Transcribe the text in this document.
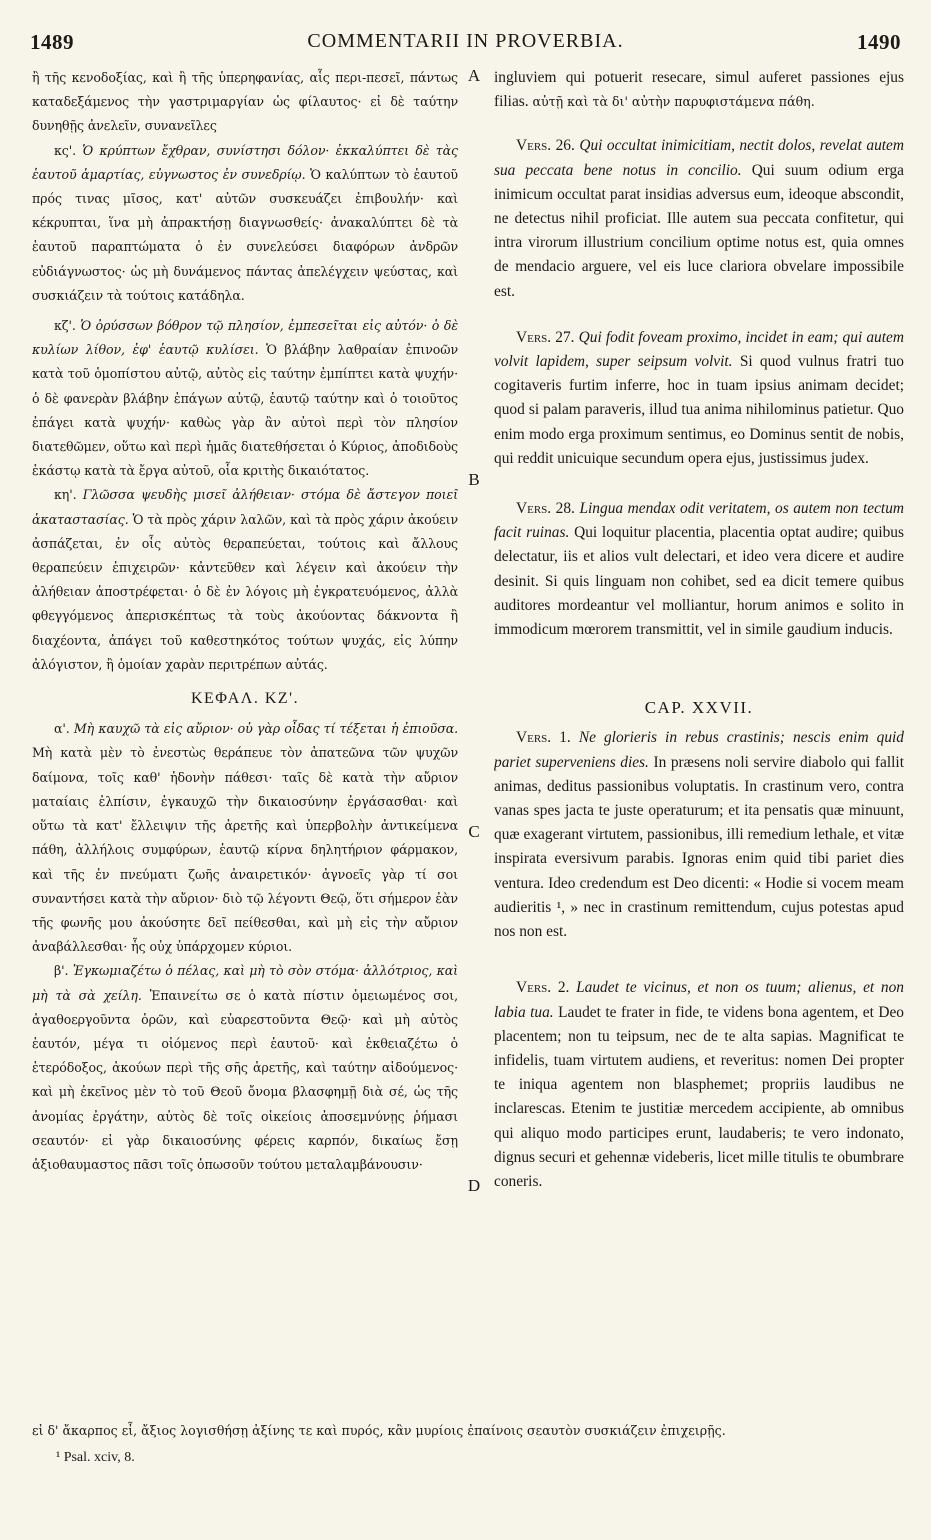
1489	COMMENTARII IN PROVERBIA.	1490

ἢ τῆς κενοδοξίας, καὶ ἢ τῆς ὑπερηφανίας, αἷς περι-πεσεῖ, πάντως καταδεξάμενος τὴν γαστριμαργίαν ὡς φίλαυτος· εἰ δὲ ταύτην δυνηθῇς ἀνελεῖν, συνανεῖλες

κς'. Ὁ κρύπτων ἔχθραν, συνίστησι δόλον· ἐκκαλύπτει δὲ τὰς ἑαυτοῦ ἁμαρτίας, εὐγνωστος ἐν συνεδρίῳ. Ὁ καλύπτων τὸ ἑαυτοῦ πρός τινας μῖσος, κατ' αὐτῶν συσκευάζει ἐπιβουλήν· καὶ κέκρυπται, ἵνα μὴ ἀπρακτήσῃ διαγνωσθείς· ἀνακαλύπτει δὲ τὰ ἑαυτοῦ παραπτώματα ὁ ἐν συνελεύσει διαφόρων ἀνδρῶν εὐδιάγνωστος· ὡς μὴ δυνάμενος πάντας ἀπελέγχειν ψεύστας, καὶ συσκιάζειν τὰ τούτοις κατάδηλα.

κζ'. Ὁ ὀρύσσων βόθρον τῷ πλησίον, ἐμπεσεῖται εἰς αὐτόν· ὁ δὲ κυλίων λίθον, ἐφ' ἑαυτῷ κυλίσει. Ὁ βλάβην λαθραίαν ἐπινοῶν κατὰ τοῦ ὁμοπίστου αὐτῷ, αὐτὸς εἰς ταύτην ἐμπίπτει κατὰ ψυχήν· ὁ δὲ φανερὰν βλάβην ἐπάγων αὐτῷ, ἑαυτῷ ταύτην καὶ ὁ τοιοῦτος ἐπάγει κατὰ ψυχήν· καθὼς γὰρ ἂν αὐτοὶ περὶ τὸν πλησίον διατεθῶμεν, οὕτω καὶ περὶ ἡμᾶς διατεθήσεται ὁ Κύριος, ἀποδιδοὺς ἑκάστῳ κατὰ τὰ ἔργα αὐτοῦ, οἷα κριτὴς δικαιότατος.

κη'. Γλῶσσα ψευδὴς μισεῖ ἀλήθειαν· στόμα δὲ ἄστεγον ποιεῖ ἀκαταστασίας. Ὁ τὰ πρὸς χάριν λαλῶν, καὶ τὰ πρὸς χάριν ἀκούειν ἀσπάζεται, ἐν οἷς αὐτὸς θεραπεύεται, τούτοις καὶ ἄλλους θεραπεύειν ἐπιχειρῶν· κἀντεῦθεν καὶ λέγειν καὶ ἀκούειν τὴν ἀλήθειαν ἀποστρέφεται· ὁ δὲ ἐν λόγοις μὴ ἐγκρατευόμενος, ἀλλὰ φθεγγόμενος ἀπερισκέπτως τὰ τοὺς ἀκούοντας δάκνοντα ἢ διαχέοντα, ἀπάγει τοῦ καθεστηκότος τούτων ψυχάς, εἰς λύπην ἀλόγιστον, ἢ ὁμοίαν χαρὰν περιτρέπων αὐτάς.

ΚΕΦΑΛ. ΚΖ'.

α'. Μὴ καυχῶ τὰ εἰς αὔριον· οὐ γὰρ οἶδας τί τέξεται ἡ ἐπιοῦσα. Μὴ κατὰ μὲν τὸ ἐνεστὼς θεράπευε τὸν ἀπατεῶνα τῶν ψυχῶν δαίμονα, τοῖς καθ' ἡδονὴν πάθεσι· ταῖς δὲ κατὰ τὴν αὔριον ματαίαις ἐλπίσιν, ἐγκαυχῶ τὴν δικαιοσύνην ἐργάσασθαι· καὶ οὕτω τὰ κατ' ἔλλειψιν τῆς ἀρετῆς καὶ ὑπερβολὴν ἀντικείμενα πάθη, ἀλλήλοις συμφύρων, ἑαυτῷ κίρνα δηλητήριον φάρμακον, καὶ τῆς ἐν πνεύματι ζωῆς ἀναιρετικόν· ἀγνοεῖς γὰρ τί σοι συναντήσει κατὰ τὴν αὔριον· διὸ τῷ λέγοντι Θεῷ, ὅτι σήμερον ἐὰν τῆς φωνῆς μου ἀκούσητε δεῖ πείθεσθαι, καὶ μὴ εἰς τὴν αὔριον ἀναβάλλεσθαι· ἧς οὐχ ὑπάρχομεν κύριοι.

β'. Ἐγκωμιαζέτω ὁ πέλας, καὶ μὴ τὸ σὸν στόμα· ἀλλότριος, καὶ μὴ τὰ σὰ χείλη. Ἐπαινείτω σε ὁ κατὰ πίστιν ὁμειωμένος σοι, ἀγαθοεργοῦντα ὁρῶν, καὶ εὐαρεστοῦντα Θεῷ· καὶ μὴ αὐτὸς ἑαυτόν, μέγα τι οἰόμενος περὶ ἑαυτοῦ· καὶ ἐκθειαζέτω ὁ ἑτερόδοξος, ἀκούων περὶ τῆς σῆς ἀρετῆς, καὶ ταύτην αἰδούμενος· καὶ μὴ ἐκεῖνος μὲν τὸ τοῦ Θεοῦ ὄνομα βλασφημῇ διὰ σέ, ὡς τῆς ἀνομίας ἐργάτην, αὐτὸς δὲ τοῖς οἰκείοις ἀποσεμνύνῃς ῥήμασι σεαυτόν· εἰ γὰρ δικαιοσύνης φέρεις καρπόν, δικαίως ἔσῃ ἀξιοθαυμαστος πᾶσι τοῖς ὁπωσοῦν τούτου μεταλαμβάνουσιν·

A
B
C
D

ingluviem qui potuerit resecare, simul auferet passiones ejus filias. αὐτῇ καὶ τὰ δι' αὐτὴν παρυφιστάμενα πάθη.

Vers. 26. Qui occultat inimicitiam, nectit dolos, revelat autem sua peccata bene notus in concilio. Qui suum odium erga inimicum occultat parat insidias adversus eum, ideoque abscondit, ne detectus nihil proficiat. Ille autem sua peccata confitetur, qui intra virorum illustrium concilium optime notus est, quia omnes de mendacio arguere, vel eis luce clariora obvelare impossibile est.

Vers. 27. Qui fodit foveam proximo, incidet in eam; qui autem volvit lapidem, super seipsum volvit. Si quod vulnus fratri tuo cogitaveris furtim inferre, hoc in tuam ipsius animam decidet; quod si palam paraveris, illud tua anima nihilominus patietur. Quo enim modo erga proximum sentimus, eo Dominus sentit de nobis, qui reddit unicuique secundum opera ejus, justissimus judex.

Vers. 28. Lingua mendax odit veritatem, os autem non tectum facit ruinas. Qui loquitur placentia, placentia optat audire; quibus delectatur, iis et alios vult delectari, et ideo vera dicere et audire desinit. Si quis linguam non cohibet, sed ea dicit temere quibus auditores mordeantur vel molliantur, horum animos e solito in immodicum mœrorem transmittit, vel in simile gaudium inducis.

CAP. XXVII.

Vers. 1. Ne glorieris in rebus crastinis; nescis enim quid pariet superveniens dies. In præsens noli servire diabolo qui fallit animas, deditus passionibus voluptatis. In crastinum vero, contra vanas spes jacta te juste operaturum; et ita pensatis quæ minuunt, quæ exagerant virtutem, passionibus, illi remedium lethale, et vitæ inspirata eversivum parabis. Ignoras enim quid tibi pariet dies ventura. Ideo credendum est Deo dicenti: « Hodie si vocem meam audieritis ¹, » nec in crastinum remittendum, cujus potestas apud nos non est.

Vers. 2. Laudet te vicinus, et non os tuum; alienus, et non labia tua. Laudet te frater in fide, te videns bona agentem, et Deo placentem; non tu teipsum, nec de te alta sapias. Magnificat te infidelis, tuam virtutem audiens, et reveritus: nomen Dei propter te iniqua agentem non blasphemet; propriis laudibus ne inclarescas. Etenim te justitiæ mercedem accipiente, ab omnibus qui aliquo modo participes erunt, laudaberis; te vero indonato, dignus securi et gehennæ videberis, licet mille titulis te obumbrare coneris.

εἰ δ' ἄκαρπος εἶ, ἄξιος λογισθήσῃ ἀξίνης τε καὶ πυρός, κἂν μυρίοις ἐπαίνοις σεαυτὸν συσκιάζειν ἐπιχειρῇς.
¹ Psal. xciv, 8.
